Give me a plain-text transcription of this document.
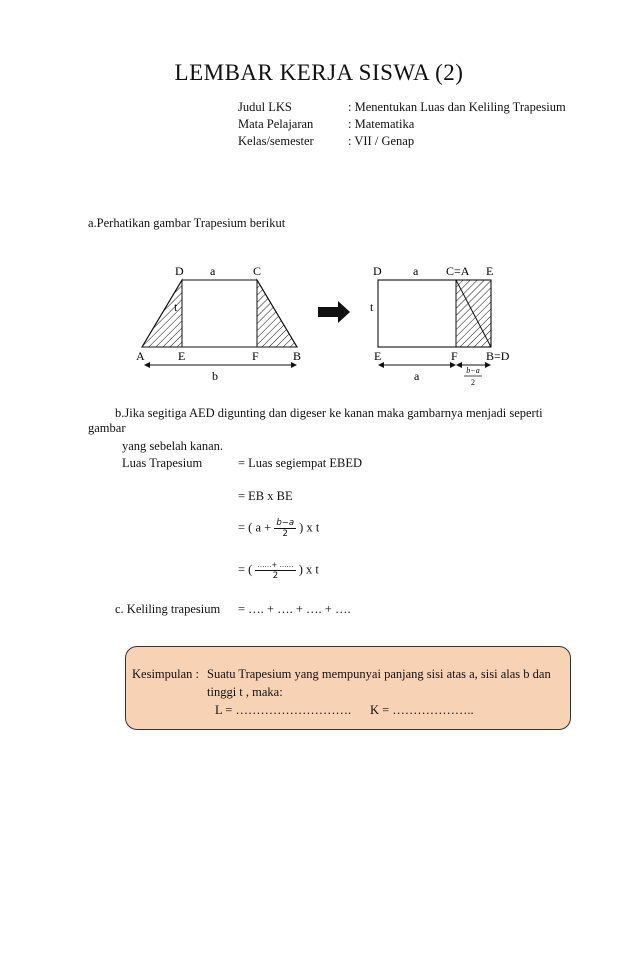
LEMBAR KERJA SISWA (2)
Judul LKS	: Menentukan Luas dan Keliling Trapesium
Mata Pelajaran	: Matematika
Kelas/semester	: VII / Genap
a.Perhatikan gambar Trapesium berikut
D a	C
t
A	E	F	B
b
D	a C=A E
t
E	F B=D
a	b−a
2
b.Jika segitiga AED digunting dan digeser ke kanan maka gambarnya menjadi seperti
gambar
yang sebelah kanan.
Luas Trapesium	= Luas segiempat EBED
= EB x BE
= ( $a + \frac{b-a}{2}$ ) x t
= ( $\frac{\dots\dots+ \dots\dots}{2}$ ) x t
c. Keliling trapesium = …. + …. + …. + ….
Kesimpulan : Suatu Trapesium yang mempunyai panjang sisi atas a, sisi alas b dan
tinggi t , maka:
L = ………………………. K = ………………..
